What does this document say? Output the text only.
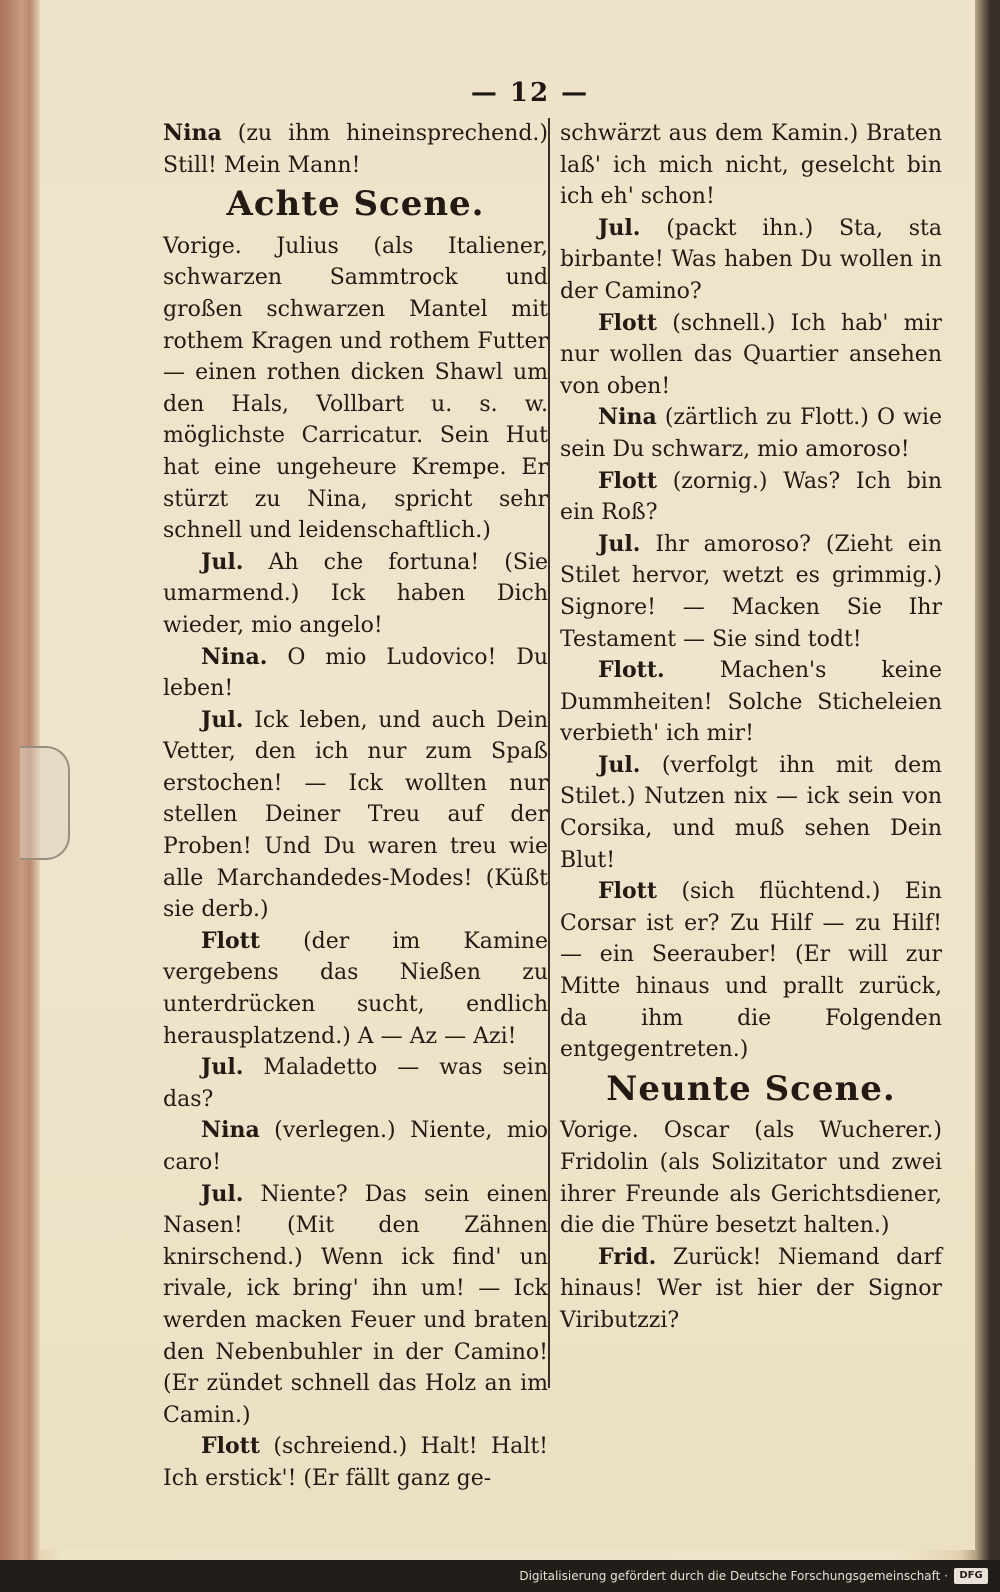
— 12 —

Nina (zu ihm hineinsprechend.) Still! Mein Mann!

Achte Scene.

Vorige. Julius (als Italiener, schwarzen Sammtrock und großen schwarzen Mantel mit rothem Kragen und rothem Futter — einen rothen dicken Shawl um den Hals, Vollbart u. s. w. möglichste Carricatur. Sein Hut hat eine ungeheure Krempe. Er stürzt zu Nina, spricht sehr schnell und leidenschaftlich.)

Jul. Ah che fortuna! (Sie umarmend.) Ick haben Dich wieder, mio angelo!

Nina. O mio Ludovico! Du leben!

Jul. Ick leben, und auch Dein Vetter, den ich nur zum Spaß erstochen! — Ick wollten nur stellen Deiner Treu auf der Proben! Und Du waren treu wie alle Marchandedes-Modes! (Küßt sie derb.)

Flott (der im Kamine vergebens das Nießen zu unterdrücken sucht, endlich herausplatzend.) A — Az — Azi!

Jul. Maladetto — was sein das?

Nina (verlegen.) Niente, mio caro!

Jul. Niente? Das sein einen Nasen! (Mit den Zähnen knirschend.) Wenn ick find' un rivale, ick bring' ihn um! — Ick werden macken Feuer und braten den Nebenbuhler in der Camino! (Er zündet schnell das Holz an im Camin.)

Flott (schreiend.) Halt! Halt! Ich erstick'! (Er fällt ganz ge-

schwärzt aus dem Kamin.) Braten laß' ich mich nicht, geselcht bin ich eh' schon!

Jul. (packt ihn.) Sta, sta birbante! Was haben Du wollen in der Camino?

Flott (schnell.) Ich hab' mir nur wollen das Quartier ansehen von oben!

Nina (zärtlich zu Flott.) O wie sein Du schwarz, mio amoroso!

Flott (zornig.) Was? Ich bin ein Roß?

Jul. Ihr amoroso? (Zieht ein Stilet hervor, wetzt es grimmig.) Signore! — Macken Sie Ihr Testament — Sie sind todt!

Flott.	Machen's keine Dummheiten! Solche Sticheleien verbieth' ich mir!

Jul. (verfolgt ihn mit dem Stilet.) Nutzen nix — ick sein von Corsika, und muß sehen Dein Blut!

Flott (sich flüchtend.) Ein Corsar ist er? Zu Hilf — zu Hilf! — ein Seerauber! (Er will zur Mitte hinaus und prallt zurück, da ihm die Folgenden entgegentreten.)

Neunte Scene.

Vorige. Oscar (als Wucherer.) Fridolin (als Solizitator und zwei ihrer Freunde als Gerichtsdiener, die die Thüre besetzt halten.)

Frid. Zurück! Niemand darf hinaus! Wer ist hier der Signor Viributzzi?

Digitalisierung gefördert durch die Deutsche Forschungsgemeinschaft ·	DFG
